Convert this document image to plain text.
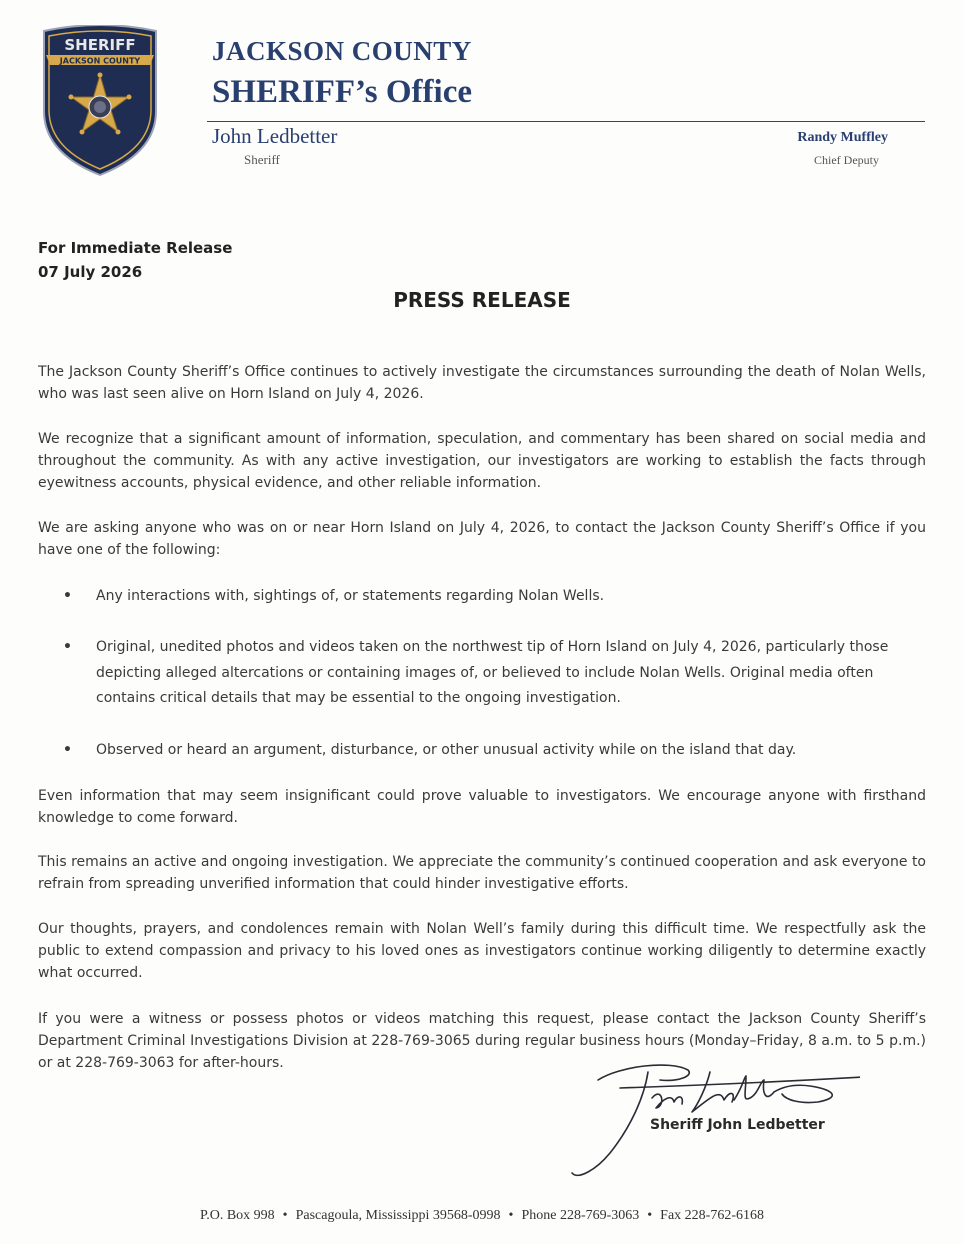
SHERIFF
JACKSON COUNTY	JACKSON COUNTY
SHERIFF’s Office
John Ledbetter
Sheriff
Randy Muffley
Chief Deputy
For Immediate Release
07 July 2026
PRESS RELEASE
The Jackson County Sheriff’s Office continues to actively investigate the circumstances surrounding the death of Nolan Wells, who was last seen alive on Horn Island on July 4, 2026.
We recognize that a significant amount of information, speculation, and commentary has been shared on social media and throughout the community. As with any active investigation, our investigators are working to establish the facts through eyewitness accounts, physical evidence, and other reliable information.
We are asking anyone who was on or near Horn Island on July 4, 2026, to contact the Jackson County Sheriff’s Office if you have one of the following:
• Any interactions with, sightings of, or statements regarding Nolan Wells.
• Original, unedited photos and videos taken on the northwest tip of Horn Island on July 4, 2026, particularly those depicting alleged altercations or containing images of, or believed to include Nolan Wells. Original media often contains critical details that may be essential to the ongoing investigation.
• Observed or heard an argument, disturbance, or other unusual activity while on the island that day.
Even information that may seem insignificant could prove valuable to investigators. We encourage anyone with firsthand knowledge to come forward.
This remains an active and ongoing investigation. We appreciate the community’s continued cooperation and ask everyone to refrain from spreading unverified information that could hinder investigative efforts.
Our thoughts, prayers, and condolences remain with Nolan Well’s family during this difficult time. We respectfully ask the public to extend compassion and privacy to his loved ones as investigators continue working diligently to determine exactly what occurred.
If you were a witness or possess photos or videos matching this request, please contact the Jackson County Sheriff’s Department Criminal Investigations Division at 228-769-3065 during regular business hours (Monday–Friday, 8 a.m. to 5 p.m.) or at 228-769-3063 for after-hours.
Sheriff John Ledbetter
P.O. Box 998 • Pascagoula, Mississippi 39568-0998 • Phone 228-769-3063 • Fax 228-762-6168
